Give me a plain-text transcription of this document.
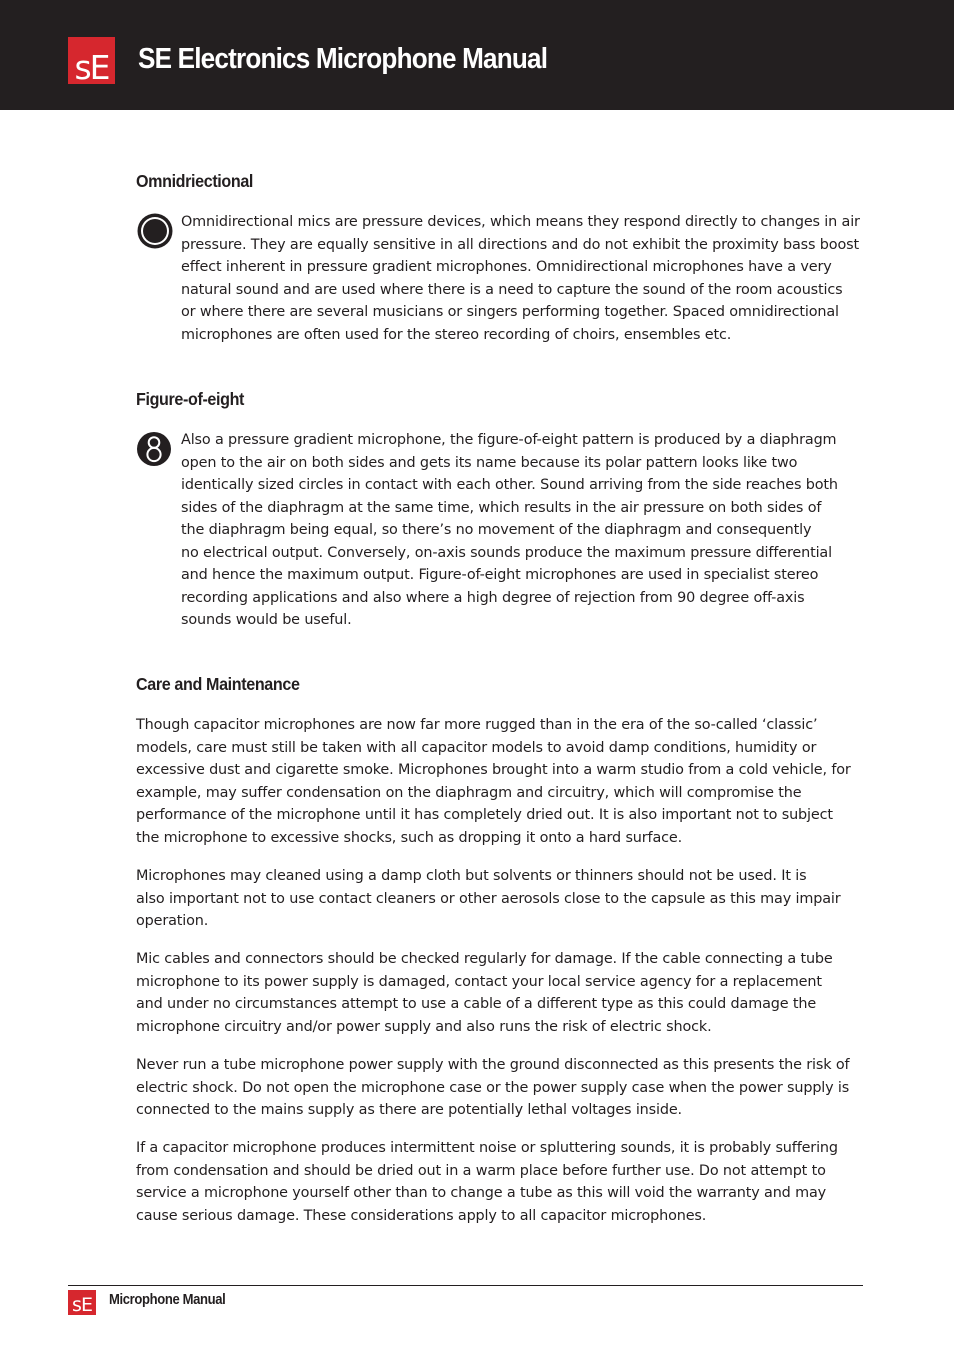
sE SE Electronics Microphone Manual
Omnidriectional

Omnidirectional mics are pressure devices, which means they respond directly to changes in air
pressure. They are equally sensitive in all directions and do not exhibit the proximity bass boost
effect inherent in pressure gradient microphones. Omnidirectional microphones have a very
natural sound and are used where there is a need to capture the sound of the room acoustics
or where there are several musicians or singers performing together. Spaced omnidirectional
microphones are often used for the stereo recording of choirs, ensembles etc.

Figure-of-eight

Also a pressure gradient microphone, the figure-of-eight pattern is produced by a diaphragm
open to the air on both sides and gets its name because its polar pattern looks like two
identically sized circles in contact with each other. Sound arriving from the side reaches both
sides of the diaphragm at the same time, which results in the air pressure on both sides of
the diaphragm being equal, so there’s no movement of the diaphragm and consequently
no electrical output. Conversely, on-axis sounds produce the maximum pressure differential
and hence the maximum output. Figure-of-eight microphones are used in specialist stereo
recording applications and also where a high degree of rejection from 90 degree off-axis
sounds would be useful.

Care and Maintenance

Though capacitor microphones are now far more rugged than in the era of the so-called ‘classic’
models, care must still be taken with all capacitor models to avoid damp conditions, humidity or
excessive dust and cigarette smoke. Microphones brought into a warm studio from a cold vehicle, for
example, may suffer condensation on the diaphragm and circuitry, which will compromise the
performance of the microphone until it has completely dried out. It is also important not to subject
the microphone to excessive shocks, such as dropping it onto a hard surface.

Microphones may cleaned using a damp cloth but solvents or thinners should not be used. It is
also important not to use contact cleaners or other aerosols close to the capsule as this may impair
operation.

Mic cables and connectors should be checked regularly for damage. If the cable connecting a tube
microphone to its power supply is damaged, contact your local service agency for a replacement
and under no circumstances attempt to use a cable of a different type as this could damage the
microphone circuitry and/or power supply and also runs the risk of electric shock.

Never run a tube microphone power supply with the ground disconnected as this presents the risk of
electric shock. Do not open the microphone case or the power supply case when the power supply is
connected to the mains supply as there are potentially lethal voltages inside.

If a capacitor microphone produces intermittent noise or spluttering sounds, it is probably suffering
from condensation and should be dried out in a warm place before further use. Do not attempt to
service a microphone yourself other than to change a tube as this will void the warranty and may
cause serious damage. These considerations apply to all capacitor microphones.

sE Microphone Manual
